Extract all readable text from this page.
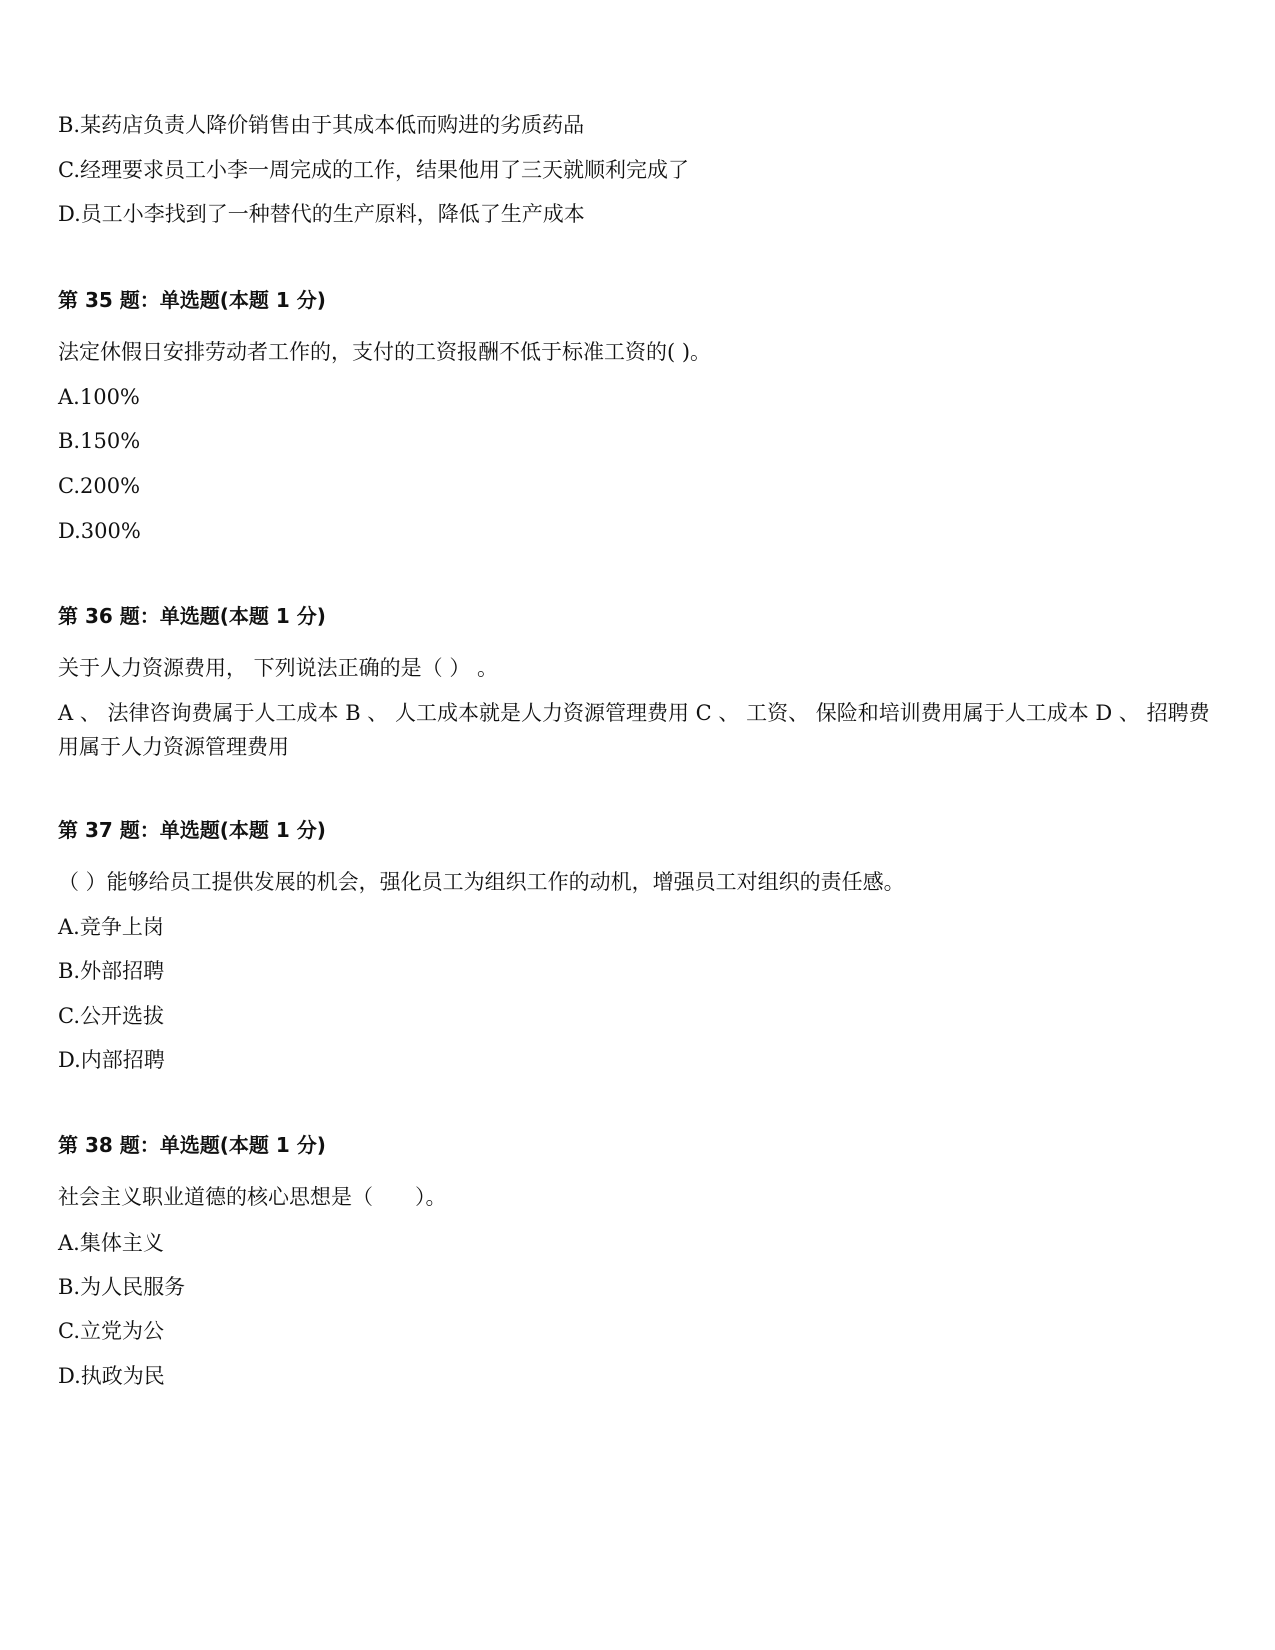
B.某药店负责人降价销售由于其成本低而购进的劣质药品
C.经理要求员工小李一周完成的工作，结果他用了三天就顺利完成了
D.员工小李找到了一种替代的生产原料，降低了生产成本
第 35 题：单选题(本题 1 分)
法定休假日安排劳动者工作的，支付的工资报酬不低于标准工资的( )。
A.100%
B.150%
C.200%
D.300%
第 36 题：单选题(本题 1 分)
关于人力资源费用， 下列说法正确的是（ ） 。
A 、 法律咨询费属于人工成本 B 、 人工成本就是人力资源管理费用 C 、 工资、 保险和培训费用属于人工成本 D 、 招聘费用属于人力资源管理费用
第 37 题：单选题(本题 1 分)
（ ）能够给员工提供发展的机会，强化员工为组织工作的动机，增强员工对组织的责任感。
A.竞争上岗
B.外部招聘
C.公开选拔
D.内部招聘
第 38 题：单选题(本题 1 分)
社会主义职业道德的核心思想是（　　）。
A.集体主义
B.为人民服务
C.立党为公
D.执政为民
